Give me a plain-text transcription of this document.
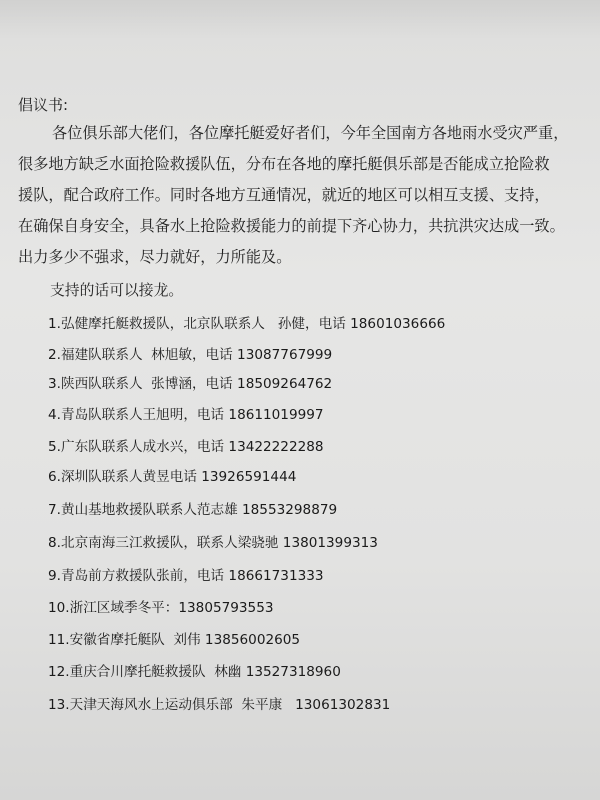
倡议书:
各位俱乐部大佬们，各位摩托艇爱好者们，今年全国南方各地雨水受灾严重，
很多地方缺乏水面抢险救援队伍，分布在各地的摩托艇俱乐部是否能成立抢险救
援队，配合政府工作。同时各地方互通情况，就近的地区可以相互支援、支持，
在确保自身安全，具备水上抢险救援能力的前提下齐心协力，共抗洪灾达成一致。
出力多少不强求，尽力就好，力所能及。
支持的话可以接龙。
1.弘健摩托艇救援队，北京队联系人   孙健，电话 18601036666
2.福建队联系人  林旭敏，电话 13087767999
3.陕西队联系人  张博涵，电话 18509264762
4.青岛队联系人王旭明，电话 18611019997
5.广东队联系人成水兴，电话 13422222288
6.深圳队联系人黄昱电话 13926591444
7.黄山基地救援队联系人范志雄 18553298879
8.北京南海三江救援队，联系人梁骁驰 13801399313
9.青岛前方救援队张前，电话 18661731333
10.浙江区域季冬平：13805793553
11.安徽省摩托艇队  刘伟 13856002605
12.重庆合川摩托艇救援队  林幽 13527318960
13.天津天海风水上运动俱乐部  朱平康   13061302831
